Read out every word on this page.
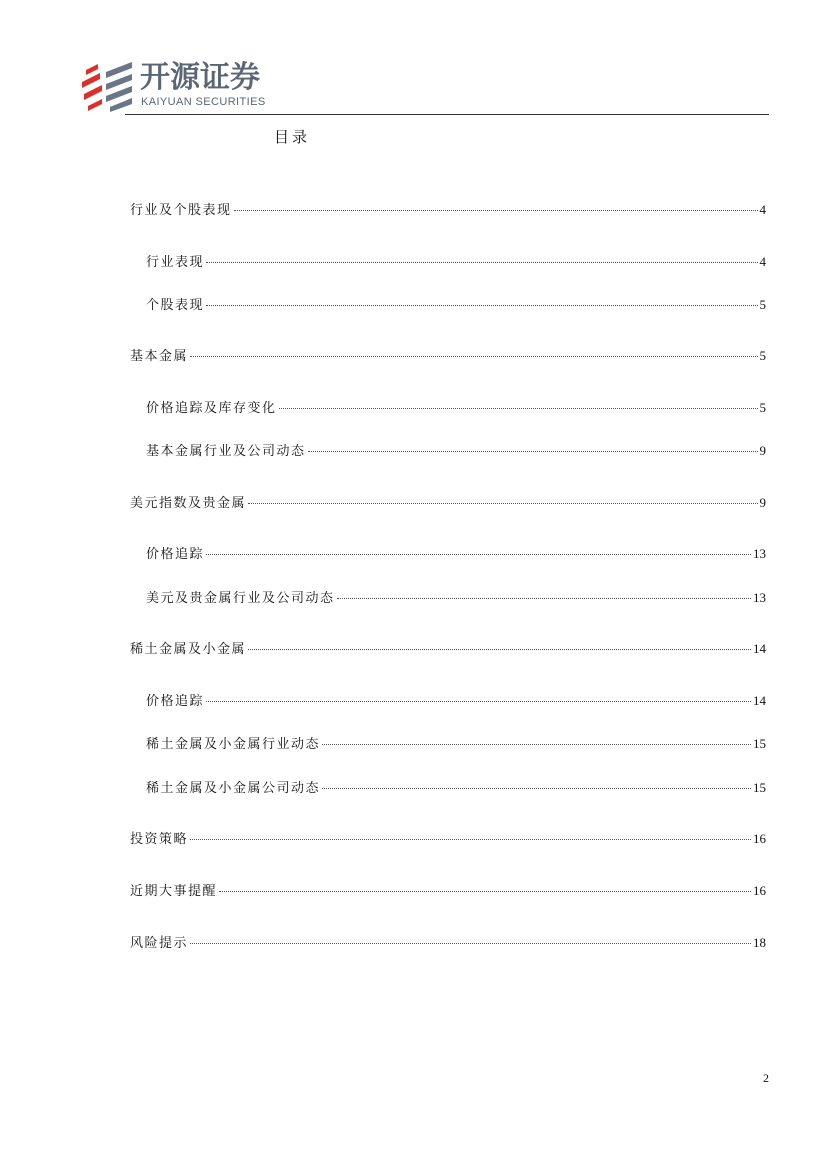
开源证券
KAIYUAN SECURITIES
目录
行业及个股表现	4
行业表现	4
个股表现	5
基本金属	5
价格追踪及库存变化	5
基本金属行业及公司动态	9
美元指数及贵金属	9
价格追踪	13
美元及贵金属行业及公司动态	13
稀土金属及小金属	14
价格追踪	14
稀土金属及小金属行业动态	15
稀土金属及小金属公司动态	15
投资策略	16
近期大事提醒	16
风险提示	18
2
